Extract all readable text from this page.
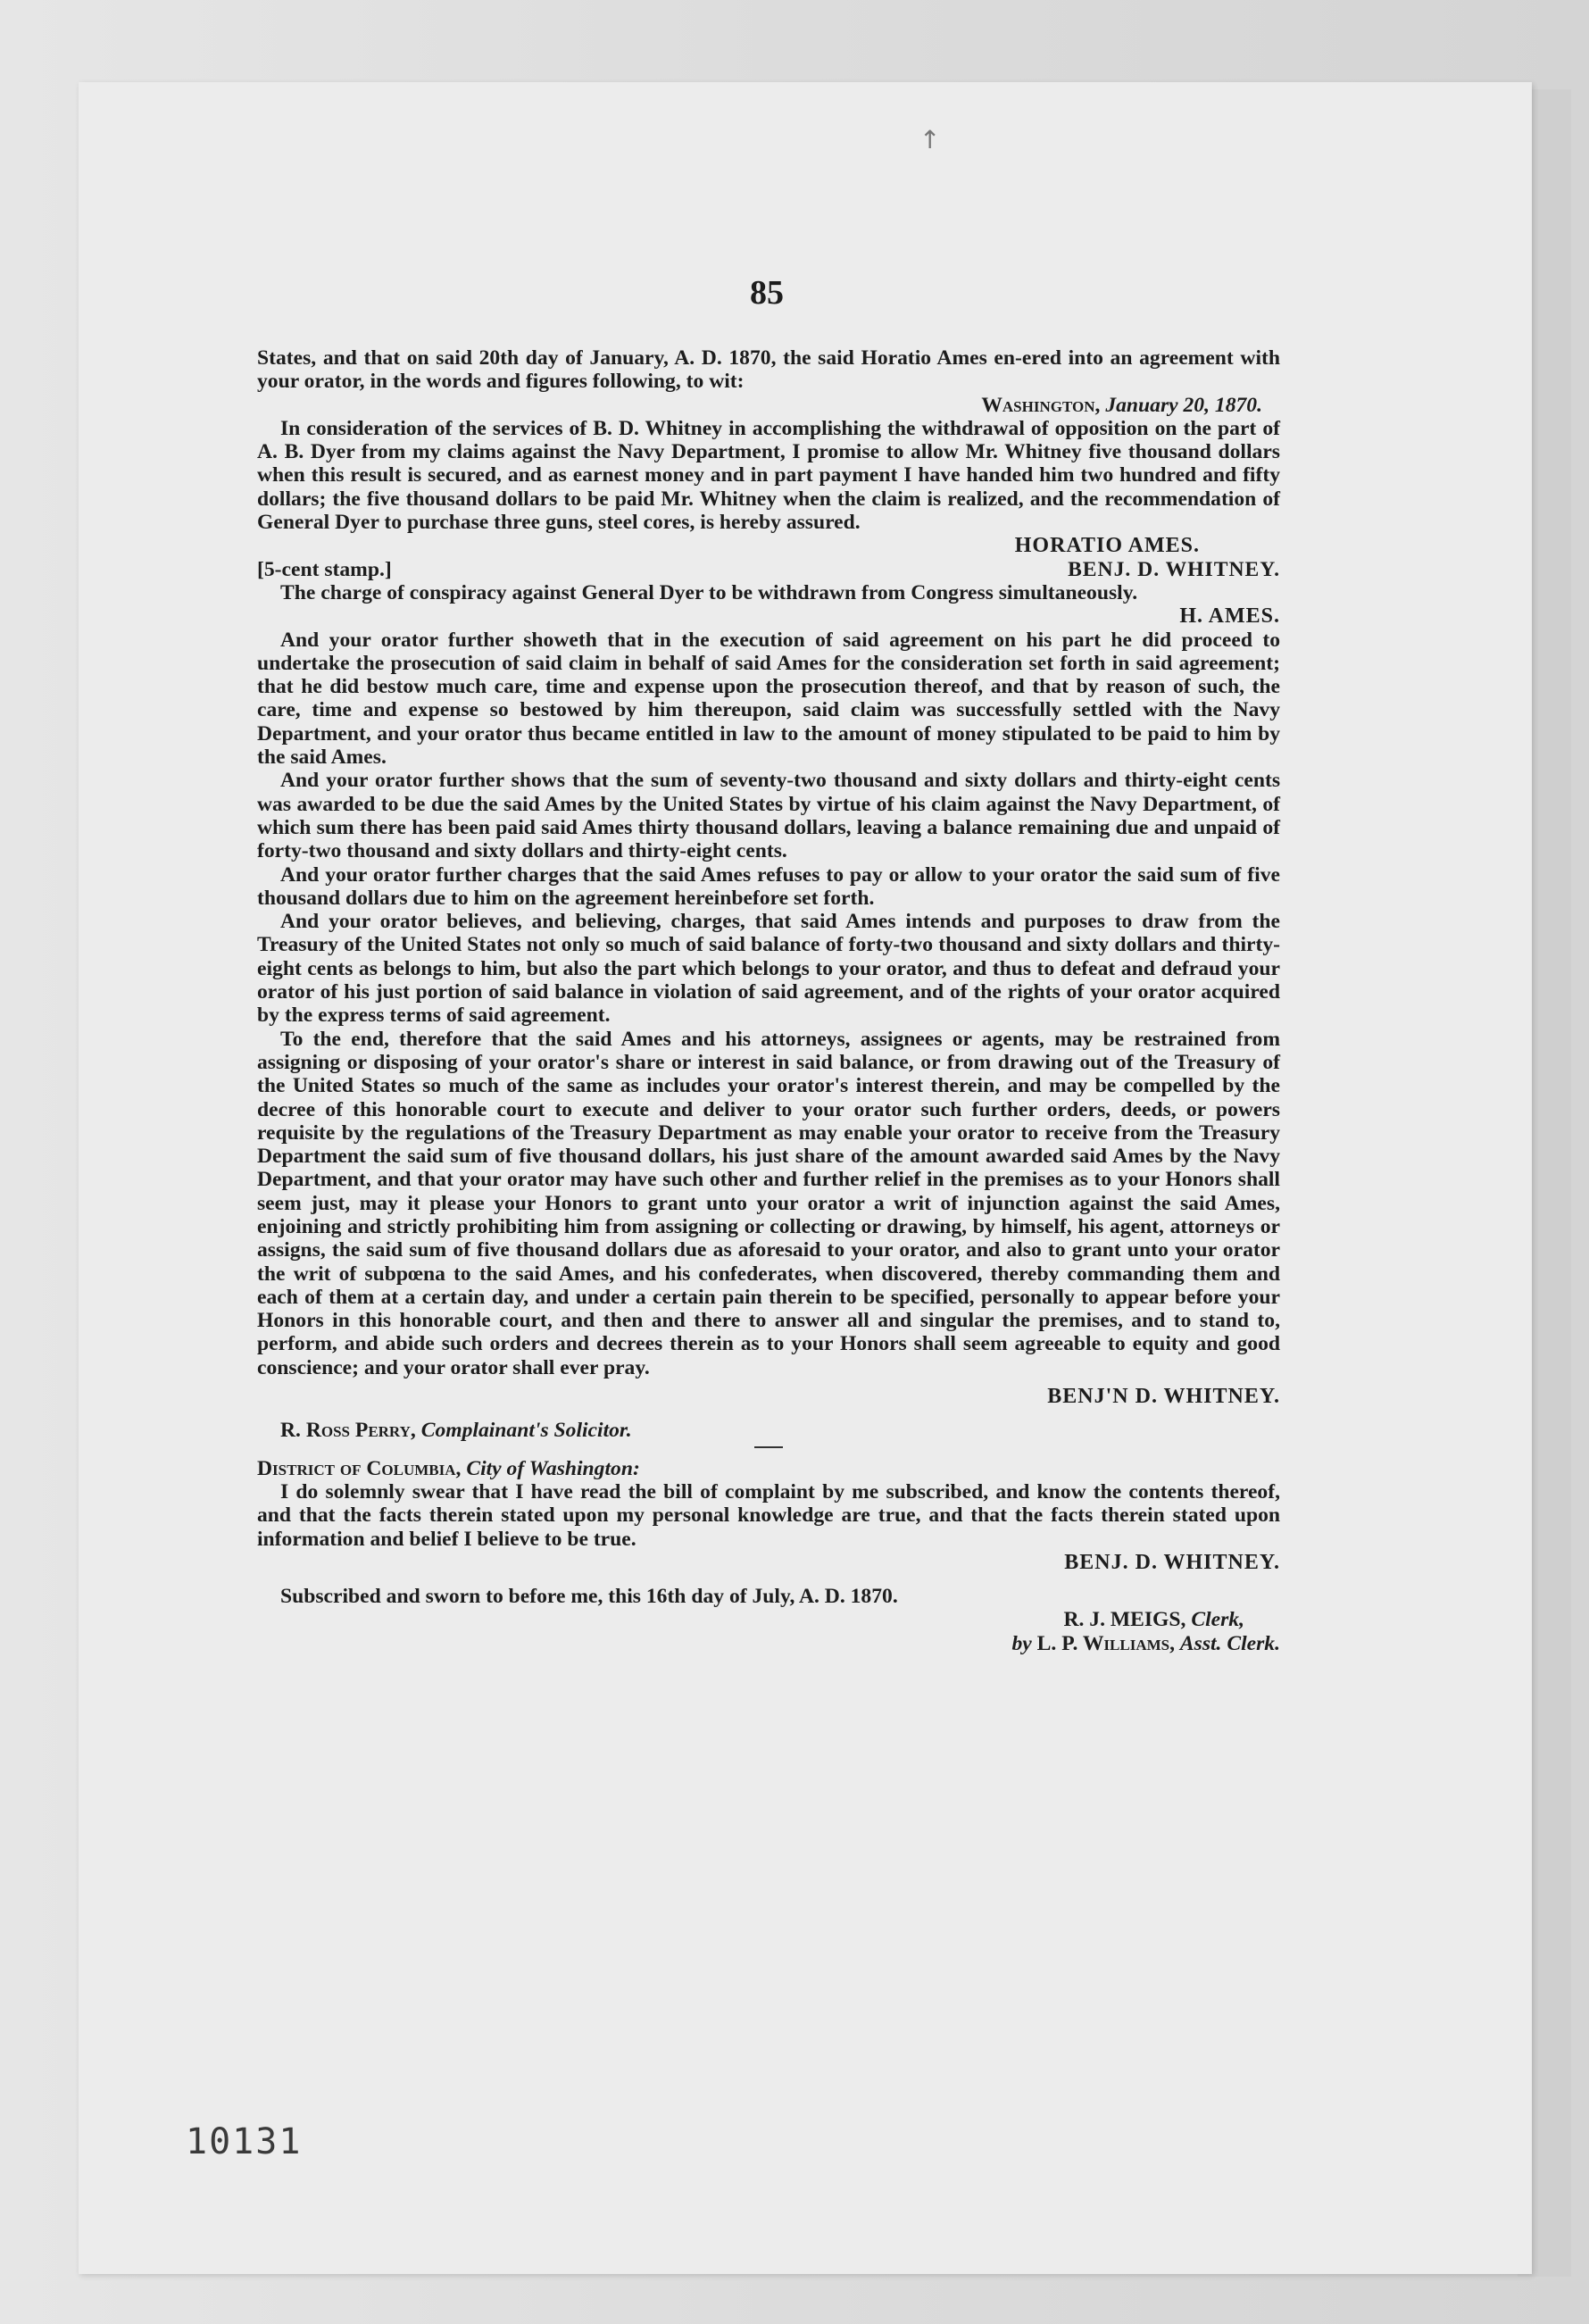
↑
85

States, and that on said 20th day of January, A. D. 1870, the said Horatio Ames en-ered into an agreement with your orator, in the words and figures following, to wit:

Washington, January 20, 1870.

In consideration of the services of B. D. Whitney in accomplishing the withdrawal of opposition on the part of A. B. Dyer from my claims against the Navy Department, I promise to allow Mr. Whitney five thousand dollars when this result is secured, and as earnest money and in part payment I have handed him two hundred and fifty dollars; the five thousand dollars to be paid Mr. Whitney when the claim is realized, and the recommendation of General Dyer to purchase three guns, steel cores, is hereby assured.

HORATIO AMES.

[5-cent stamp.]	BENJ. D. WHITNEY.

The charge of conspiracy against General Dyer to be withdrawn from Congress simultaneously.

H. AMES.

And your orator further showeth that in the execution of said agreement on his part he did proceed to undertake the prosecution of said claim in behalf of said Ames for the consideration set forth in said agreement; that he did bestow much care, time and expense upon the prosecution thereof, and that by reason of such, the care, time and expense so bestowed by him thereupon, said claim was successfully settled with the Navy Department, and your orator thus became entitled in law to the amount of money stipulated to be paid to him by the said Ames.

And your orator further shows that the sum of seventy-two thousand and sixty dollars and thirty-eight cents was awarded to be due the said Ames by the United States by virtue of his claim against the Navy Department, of which sum there has been paid said Ames thirty thousand dollars, leaving a balance remaining due and unpaid of forty-two thousand and sixty dollars and thirty-eight cents.

And your orator further charges that the said Ames refuses to pay or allow to your orator the said sum of five thousand dollars due to him on the agreement hereinbefore set forth.

And your orator believes, and believing, charges, that said Ames intends and purposes to draw from the Treasury of the United States not only so much of said balance of forty-two thousand and sixty dollars and thirty-eight cents as belongs to him, but also the part which belongs to your orator, and thus to defeat and defraud your orator of his just portion of said balance in violation of said agreement, and of the rights of your orator acquired by the express terms of said agreement.

To the end, therefore that the said Ames and his attorneys, assignees or agents, may be restrained from assigning or disposing of your orator's share or interest in said balance, or from drawing out of the Treasury of the United States so much of the same as includes your orator's interest therein, and may be compelled by the decree of this honorable court to execute and deliver to your orator such further orders, deeds, or powers requisite by the regulations of the Treasury Department as may enable your orator to receive from the Treasury Department the said sum of five thousand dollars, his just share of the amount awarded said Ames by the Navy Department, and that your orator may have such other and further relief in the premises as to your Honors shall seem just, may it please your Honors to grant unto your orator a writ of injunction against the said Ames, enjoining and strictly prohibiting him from assigning or collecting or drawing, by himself, his agent, attorneys or assigns, the said sum of five thousand dollars due as aforesaid to your orator, and also to grant unto your orator the writ of subpœna to the said Ames, and his confederates, when discovered, thereby commanding them and each of them at a certain day, and under a certain pain therein to be specified, personally to appear before your Honors in this honorable court, and then and there to answer all and singular the premises, and to stand to, perform, and abide such orders and decrees therein as to your Honors shall seem agreeable to equity and good conscience; and your orator shall ever pray.

BENJ'N D. WHITNEY.

R. Ross Perry, Complainant's Solicitor.

District of Columbia, City of Washington:

I do solemnly swear that I have read the bill of complaint by me subscribed, and know the contents thereof, and that the facts therein stated upon my personal knowledge are true, and that the facts therein stated upon information and belief I believe to be true.

BENJ. D. WHITNEY.

Subscribed and sworn to before me, this 16th day of July, A. D. 1870.

R. J. MEIGS, Clerk,

by L. P. Williams, Asst. Clerk.

10131
